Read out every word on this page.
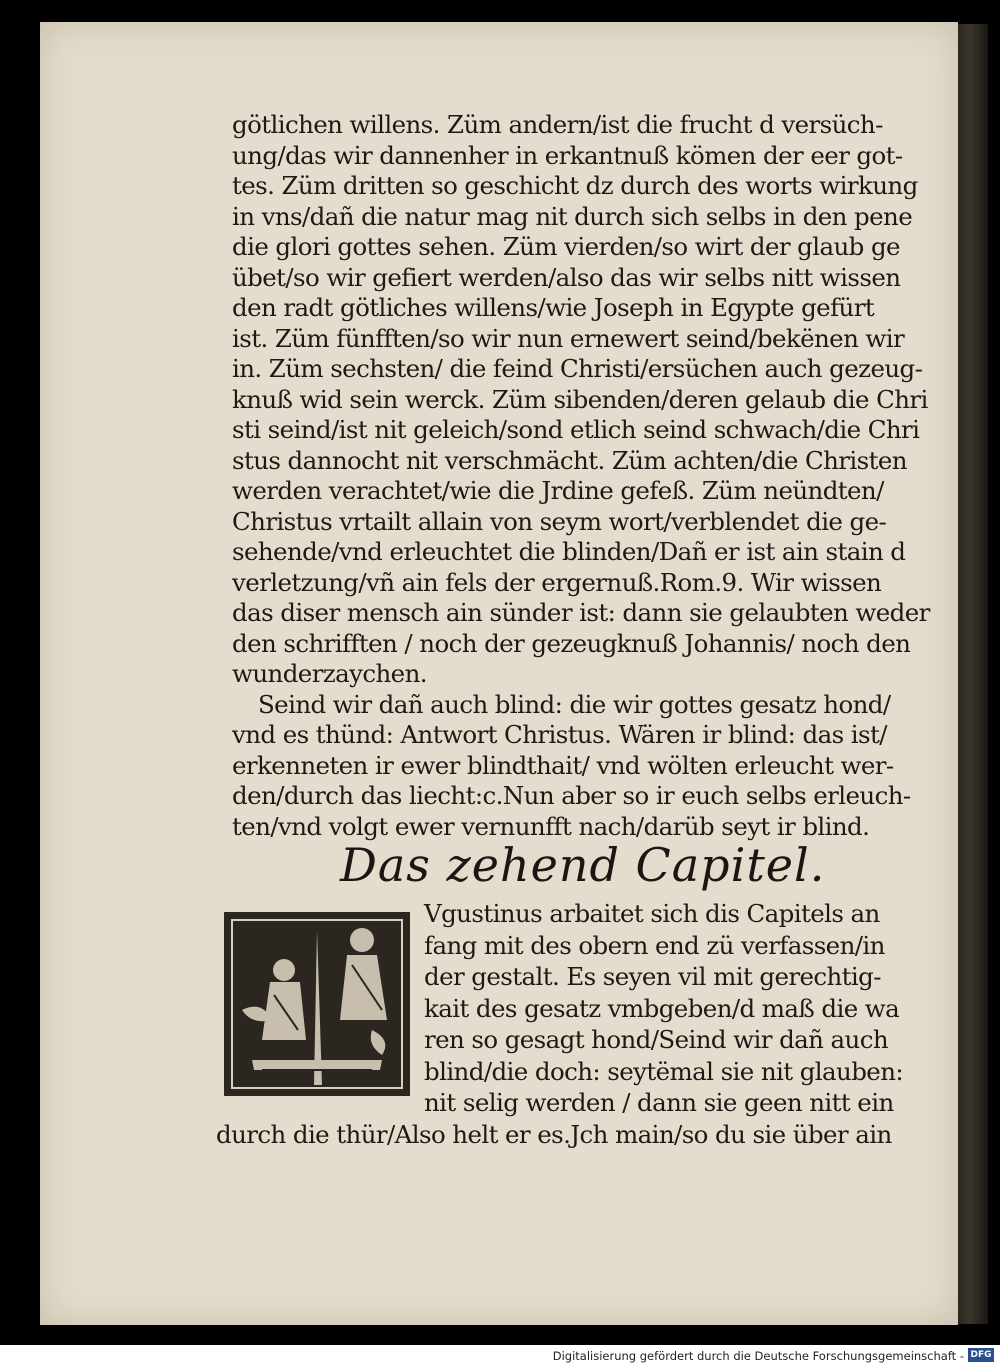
götlichen willens. Züm andern/ist die frucht d versüch-
ung/das wir dannenher in erkantnuß kömen der eer got-
tes. Züm dritten so geschicht dz durch des worts wirkung
in vns/dañ die natur mag nit durch sich selbs in den pene
die glori gottes sehen. Züm vierden/so wirt der glaub ge
übet/so wir gefiert werden/also das wir selbs nitt wissen
den radt götliches willens/wie Joseph in Egypte gefürt
ist. Züm fünfften/so wir nun ernewert seind/bekënen wir
in. Züm sechsten/ die feind Christi/ersüchen auch gezeug-
knuß wid sein werck. Züm sibenden/deren gelaub die Chri
sti seind/ist nit geleich/sond etlich seind schwach/die Chri
stus dannocht nit verschmächt. Züm achten/die Christen
werden verachtet/wie die Jrdine gefeß. Züm neündten/
Christus vrtailt allain von seym wort/verblendet die ge-
sehende/vnd erleuchtet die blinden/Dañ er ist ain stain d
verletzung/vñ ain fels der ergernuß.Rom.9. Wir wissen
das diser mensch ain sünder ist: dann sie gelaubten weder
den schrifften / noch der gezeugknuß Johannis/ noch den
wunderzaychen.
Seind wir dañ auch blind: die wir gottes gesatz hond/
vnd es thünd: Antwort Christus. Wären ir blind: das ist/
erkenneten ir ewer blindthait/ vnd wölten erleucht wer-
den/durch das liecht:c.Nun aber so ir euch selbs erleuch-
ten/vnd volgt ewer vernunfft nach/darüb seyt ir blind.
Das zehend Capitel.
Vgustinus arbaitet sich dis Capitels an
fang mit des obern end zü verfassen/in
der gestalt. Es seyen vil mit gerechtig-
kait des gesatz vmbgeben/d maß die wa
ren so gesagt hond/Seind wir dañ auch
blind/die doch: seytëmal sie nit glauben:
nit selig werden / dann sie geen nitt ein
durch die thür/Also helt er es.Jch main/so du sie über ain
Digitalisierung gefördert durch die Deutsche Forschungsgemeinschaft - DFG
